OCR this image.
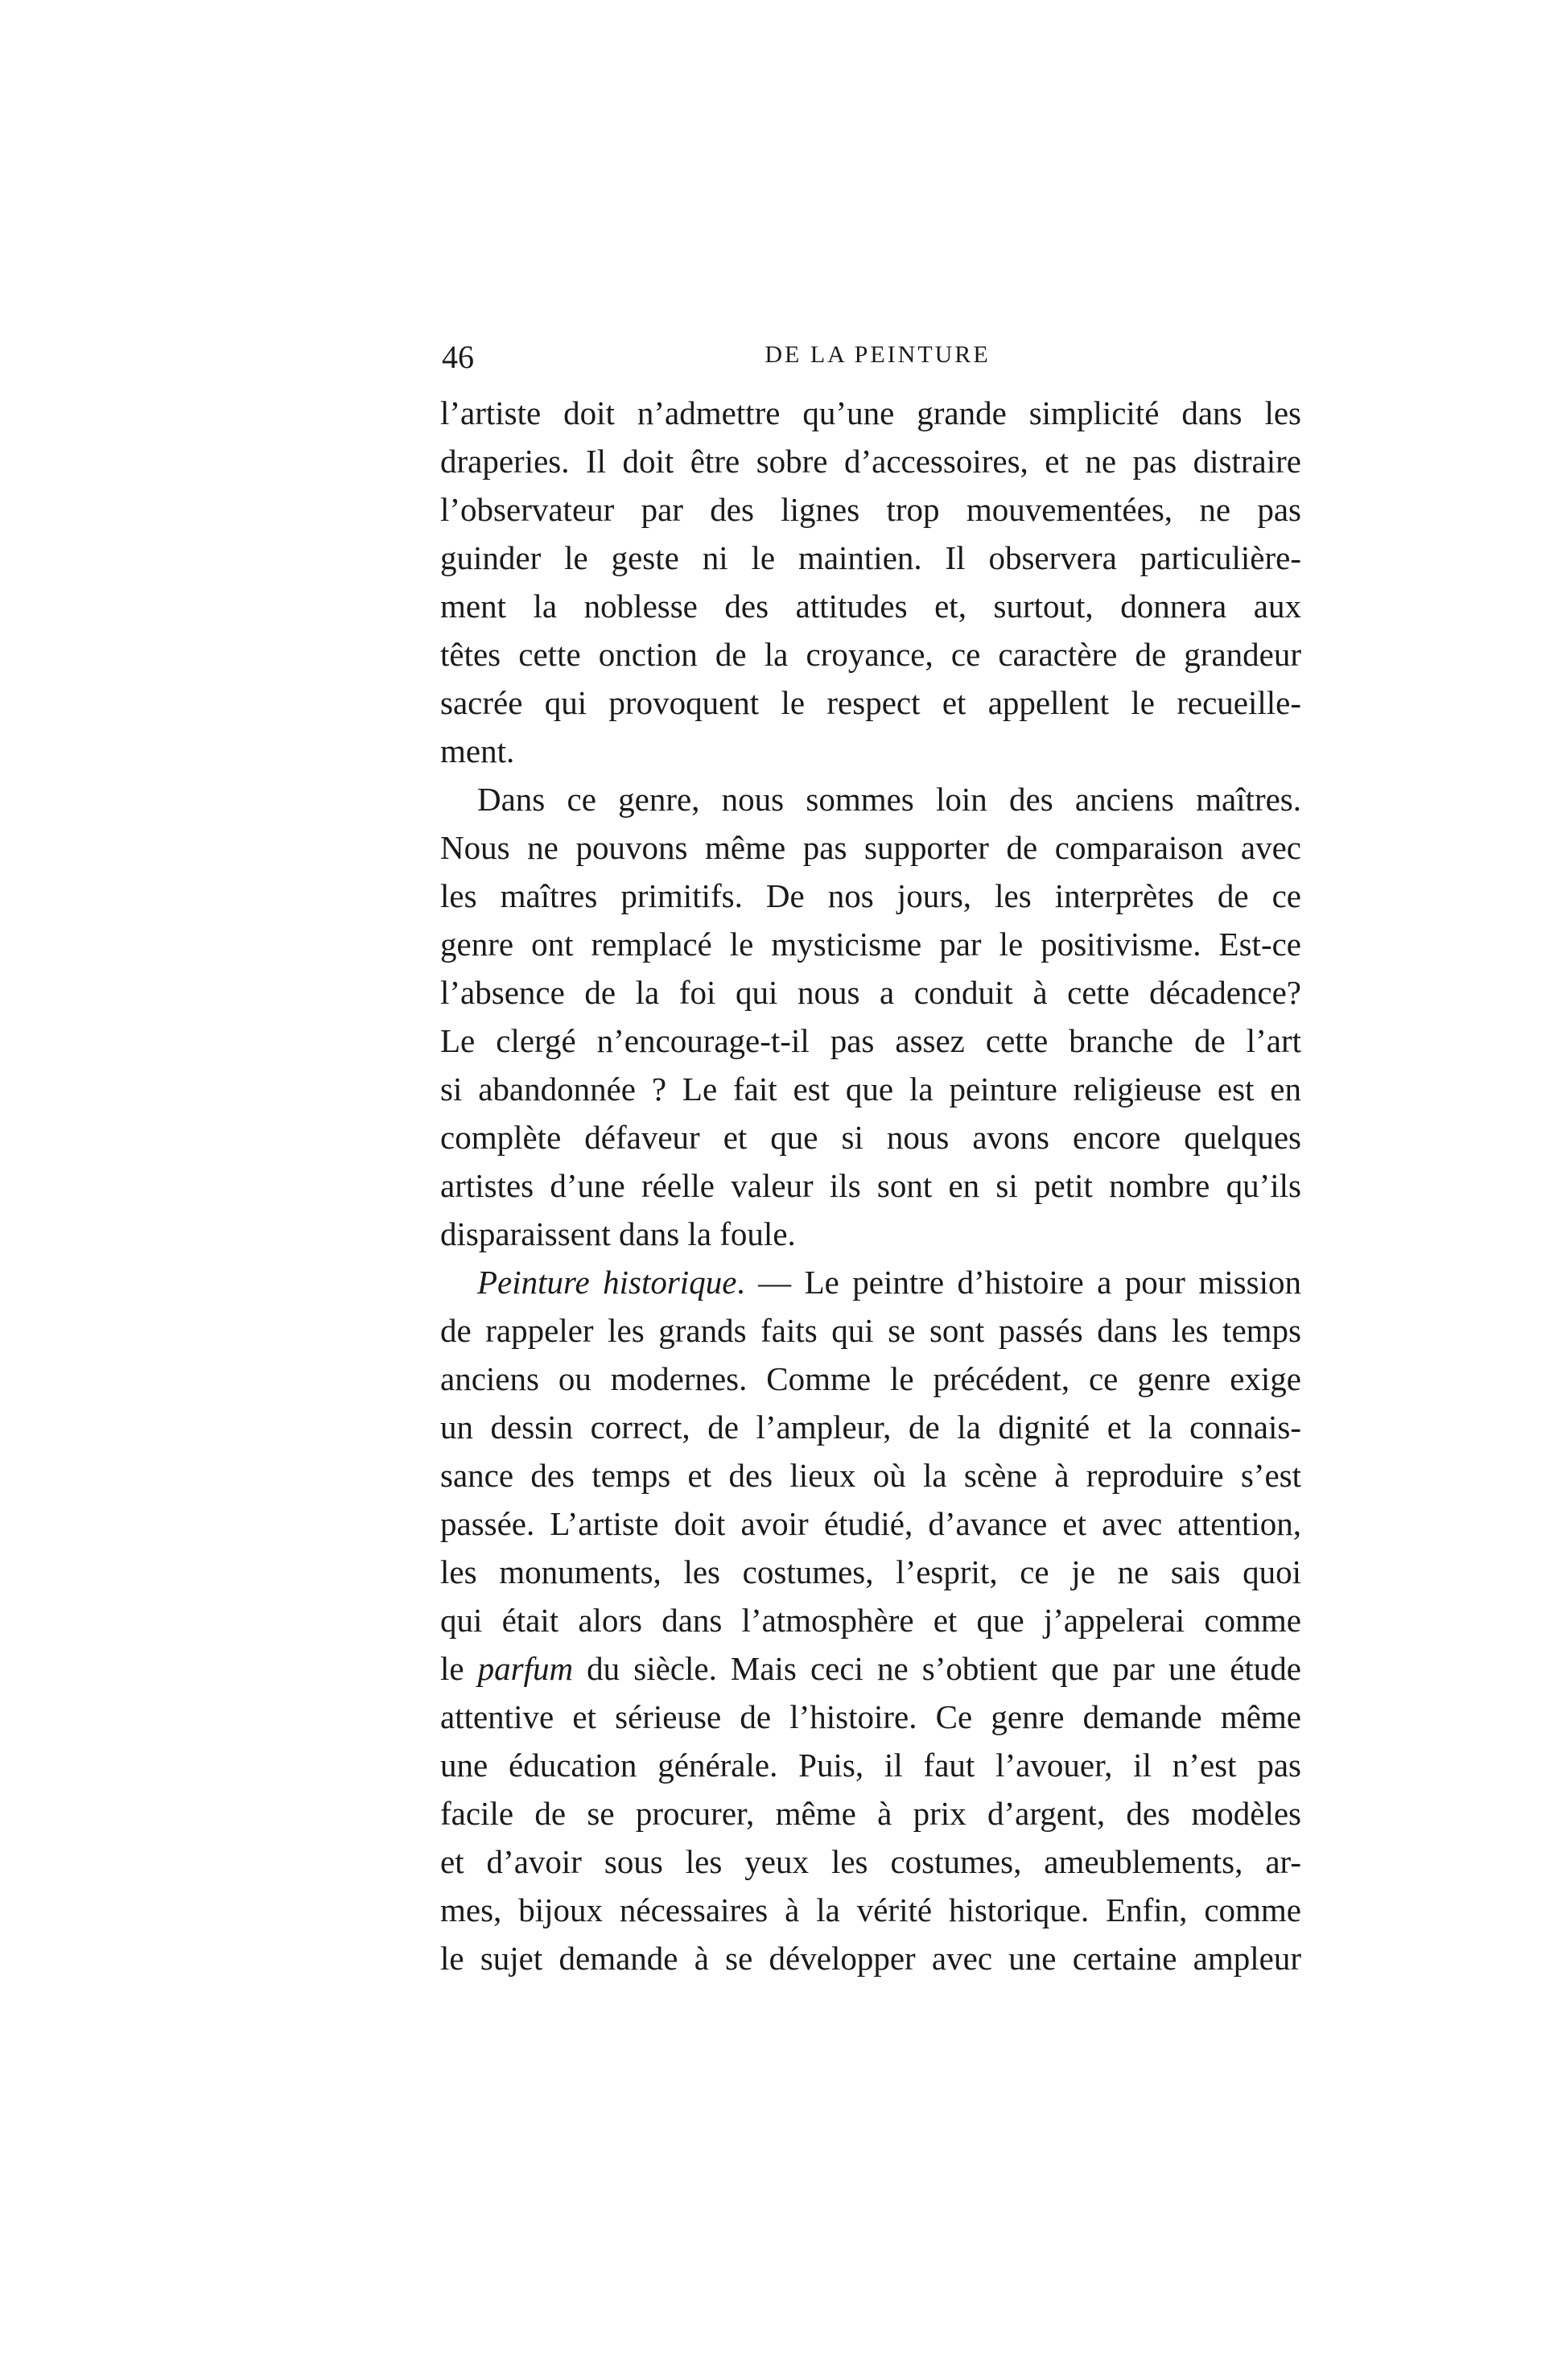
46	DE LA PEINTURE
l’artiste doit n’admettre qu’une grande simplicité dans les
draperies. Il doit être sobre d’accessoires, et ne pas distraire
l’observateur par des lignes trop mouvementées, ne pas
guinder le geste ni le maintien. Il observera particulière-
ment la noblesse des attitudes et, surtout, donnera aux
têtes cette onction de la croyance, ce caractère de grandeur
sacrée qui provoquent le respect et appellent le recueille-
ment.
Dans ce genre, nous sommes loin des anciens maîtres.
Nous ne pouvons même pas supporter de comparaison avec
les maîtres primitifs. De nos jours, les interprètes de ce
genre ont remplacé le mysticisme par le positivisme. Est-ce
l’absence de la foi qui nous a conduit à cette décadence?
Le clergé n’encourage-t-il pas assez cette branche de l’art
si abandonnée ? Le fait est que la peinture religieuse est en
complète défaveur et que si nous avons encore quelques
artistes d’une réelle valeur ils sont en si petit nombre qu’ils
disparaissent dans la foule.
Peinture historique. — Le peintre d’histoire a pour mission
de rappeler les grands faits qui se sont passés dans les temps
anciens ou modernes. Comme le précédent, ce genre exige
un dessin correct, de l’ampleur, de la dignité et la connais-
sance des temps et des lieux où la scène à reproduire s’est
passée. L’artiste doit avoir étudié, d’avance et avec attention,
les monuments, les costumes, l’esprit, ce je ne sais quoi
qui était alors dans l’atmosphère et que j’appelerai comme
le parfum du siècle. Mais ceci ne s’obtient que par une étude
attentive et sérieuse de l’histoire. Ce genre demande même
une éducation générale. Puis, il faut l’avouer, il n’est pas
facile de se procurer, même à prix d’argent, des modèles
et d’avoir sous les yeux les costumes, ameublements, ar-
mes, bijoux nécessaires à la vérité historique. Enfin, comme
le sujet demande à se développer avec une certaine ampleur
